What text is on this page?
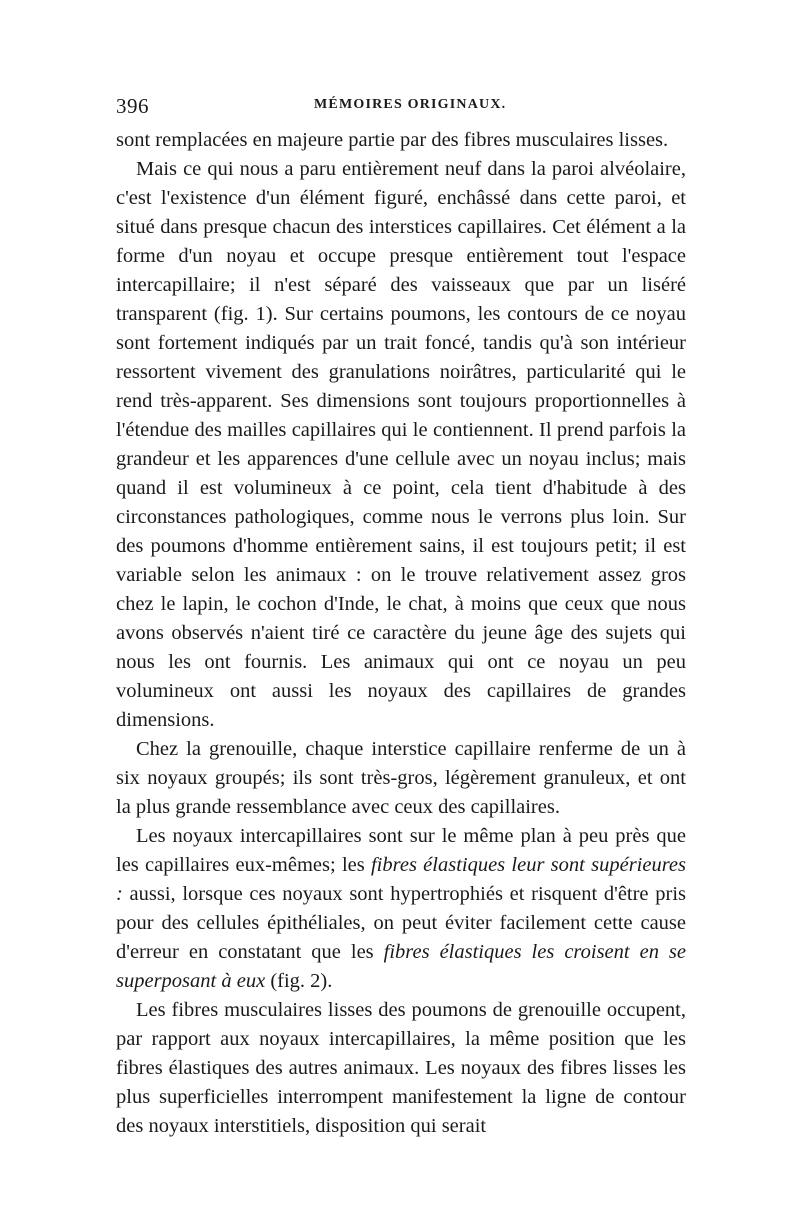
396	MÉMOIRES ORIGINAUX.

sont remplacées en majeure partie par des fibres musculaires lisses.

Mais ce qui nous a paru entièrement neuf dans la paroi alvéolaire, c'est l'existence d'un élément figuré, enchâssé dans cette paroi, et situé dans presque chacun des interstices capillaires. Cet élément a la forme d'un noyau et occupe presque entièrement tout l'espace intercapillaire; il n'est séparé des vaisseaux que par un liséré transparent (fig. 1). Sur certains poumons, les contours de ce noyau sont fortement indiqués par un trait foncé, tandis qu'à son intérieur ressortent vivement des granulations noirâtres, particularité qui le rend très-apparent. Ses dimensions sont toujours proportionnelles à l'étendue des mailles capillaires qui le contiennent. Il prend parfois la grandeur et les apparences d'une cellule avec un noyau inclus; mais quand il est volumineux à ce point, cela tient d'habitude à des circonstances pathologiques, comme nous le verrons plus loin. Sur des poumons d'homme entièrement sains, il est toujours petit; il est variable selon les animaux : on le trouve relativement assez gros chez le lapin, le cochon d'Inde, le chat, à moins que ceux que nous avons observés n'aient tiré ce caractère du jeune âge des sujets qui nous les ont fournis. Les animaux qui ont ce noyau un peu volumineux ont aussi les noyaux des capillaires de grandes dimensions.

Chez la grenouille, chaque interstice capillaire renferme de un à six noyaux groupés; ils sont très-gros, légèrement granuleux, et ont la plus grande ressemblance avec ceux des capillaires.

Les noyaux intercapillaires sont sur le même plan à peu près que les capillaires eux-mêmes; les fibres élastiques leur sont supérieures : aussi, lorsque ces noyaux sont hypertrophiés et risquent d'être pris pour des cellules épithéliales, on peut éviter facilement cette cause d'erreur en constatant que les fibres élastiques les croisent en se superposant à eux (fig. 2).

Les fibres musculaires lisses des poumons de grenouille occupent, par rapport aux noyaux intercapillaires, la même position que les fibres élastiques des autres animaux. Les noyaux des fibres lisses les plus superficielles interrompent manifestement la ligne de contour des noyaux interstitiels, disposition qui serait
